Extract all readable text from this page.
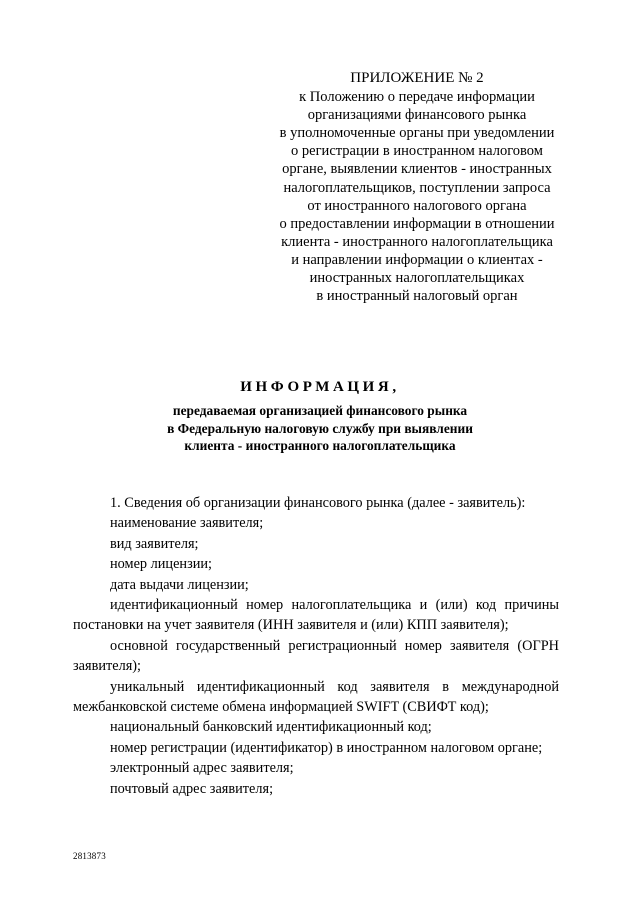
ПРИЛОЖЕНИЕ № 2
к Положению о передаче информации
организациями финансового рынка
в уполномоченные органы при уведомлении
о регистрации в иностранном налоговом
органе, выявлении клиентов - иностранных
налогоплательщиков, поступлении запроса
от иностранного налогового органа
о предоставлении информации в отношении
клиента - иностранного налогоплательщика
и направлении информации о клиентах -
иностранных налогоплательщиках
в иностранный налоговый орган
ИНФОРМАЦИЯ,
передаваемая организацией финансового рынка
в Федеральную налоговую службу при выявлении
клиента - иностранного налогоплательщика
1. Сведения об организации финансового рынка (далее - заявитель):
наименование заявителя;
вид заявителя;
номер лицензии;
дата выдачи лицензии;
идентификационный номер налогоплательщика и (или) код причины постановки на учет заявителя (ИНН заявителя и (или) КПП заявителя);
основной государственный регистрационный номер заявителя (ОГРН заявителя);
уникальный идентификационный код заявителя в международной межбанковской системе обмена информацией SWIFT (СВИФТ код);
национальный банковский идентификационный код;
номер регистрации (идентификатор) в иностранном налоговом органе;
электронный адрес заявителя;
почтовый адрес заявителя;
2813873
